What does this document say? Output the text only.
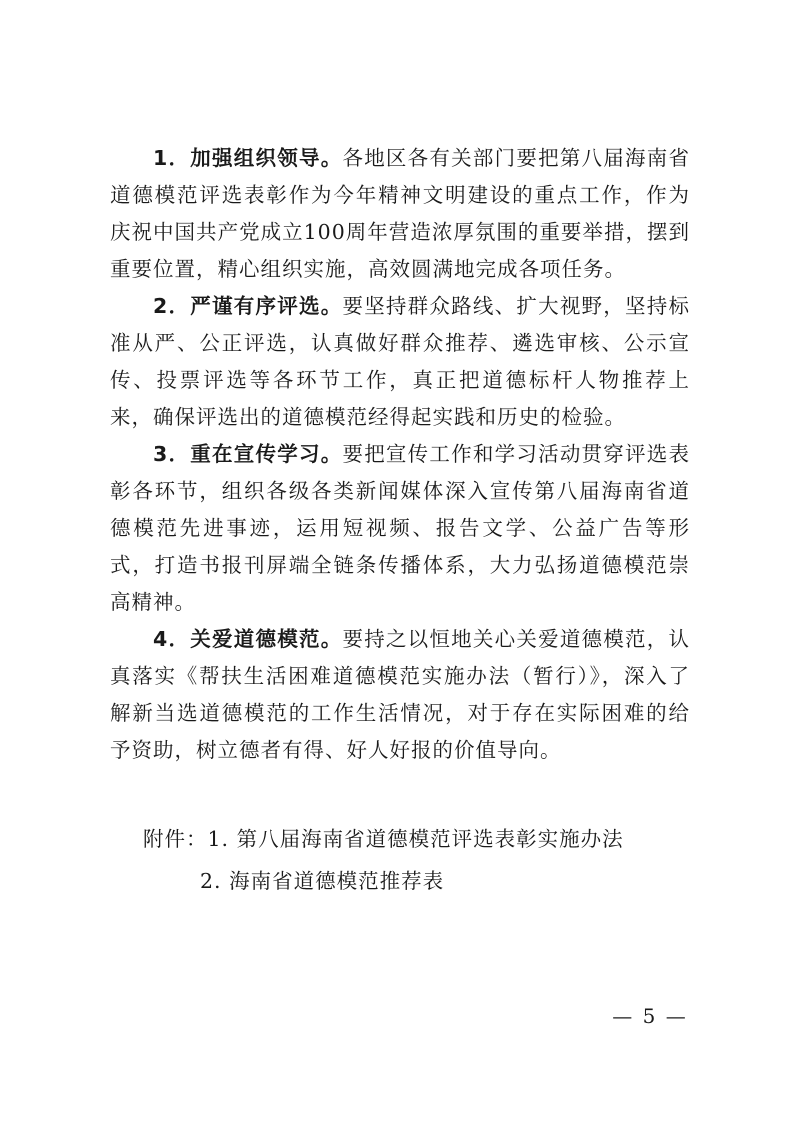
1．加强组织领导。各地区各有关部门要把第八届海南省道德模范评选表彰作为今年精神文明建设的重点工作，作为庆祝中国共产党成立100周年营造浓厚氛围的重要举措，摆到重要位置，精心组织实施，高效圆满地完成各项任务。

2．严谨有序评选。要坚持群众路线、扩大视野，坚持标准从严、公正评选，认真做好群众推荐、遴选审核、公示宣传、投票评选等各环节工作，真正把道德标杆人物推荐上来，确保评选出的道德模范经得起实践和历史的检验。

3．重在宣传学习。要把宣传工作和学习活动贯穿评选表彰各环节，组织各级各类新闻媒体深入宣传第八届海南省道德模范先进事迹，运用短视频、报告文学、公益广告等形式，打造书报刊屏端全链条传播体系，大力弘扬道德模范崇高精神。

4．关爱道德模范。要持之以恒地关心关爱道德模范，认真落实《帮扶生活困难道德模范实施办法（暂行）》，深入了解新当选道德模范的工作生活情况，对于存在实际困难的给予资助，树立德者有得、好人好报的价值导向。

附件：1. 第八届海南省道德模范评选表彰实施办法
2. 海南省道德模范推荐表
— 5 —
